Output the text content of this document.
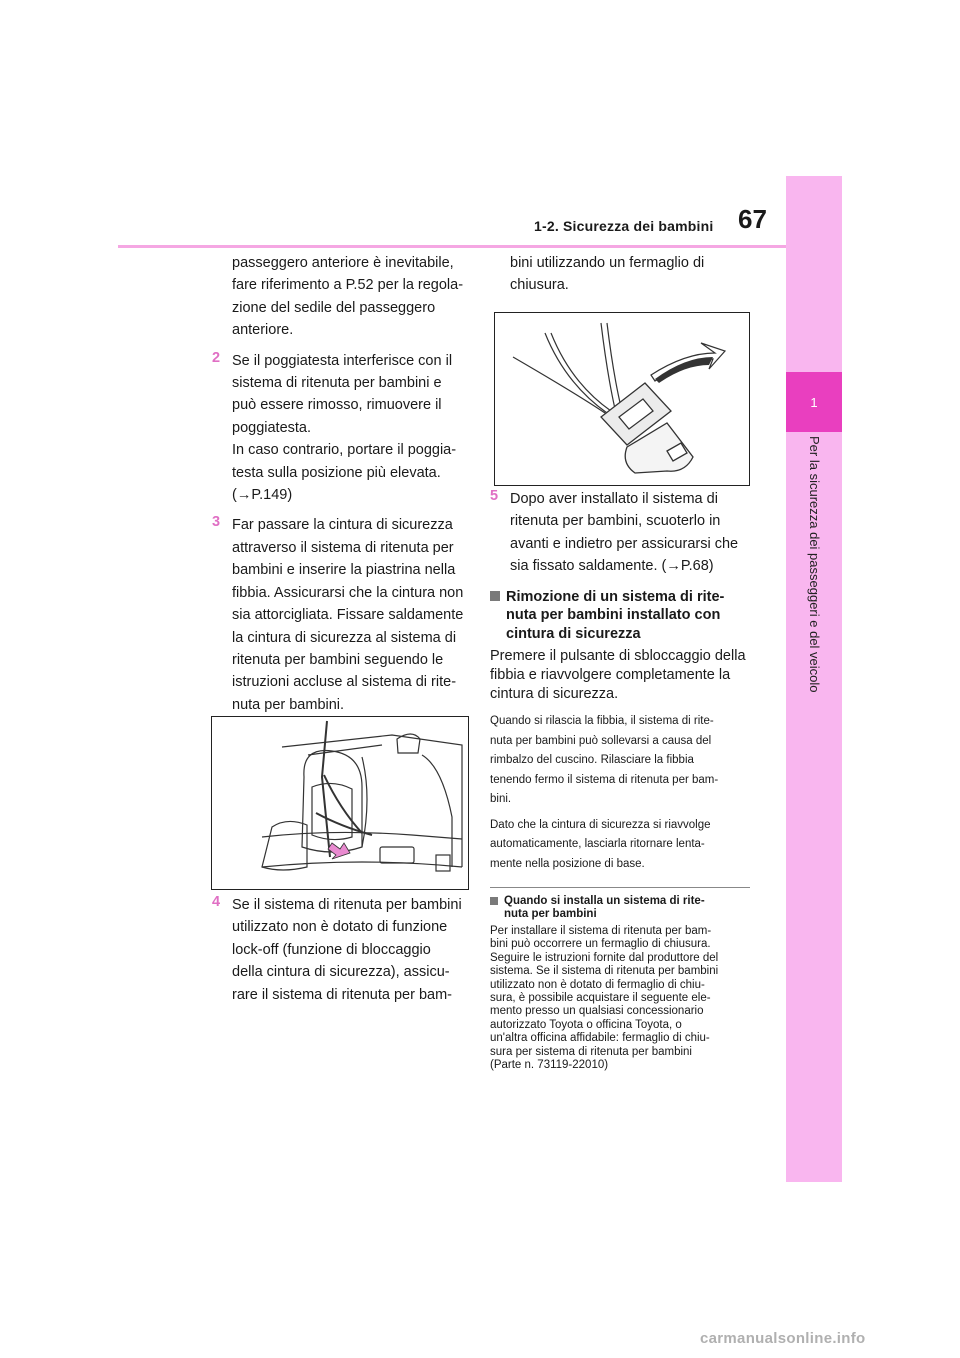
67
1-2. Sicurezza dei bambini
1
Per la sicurezza dei passeggeri e del veicolo

passeggero anteriore è inevitabile,

fare riferimento a P.52 per la regola-

zione del sedile del passeggero

anteriore.

2 Se il poggiatesta interferisce con il

sistema di ritenuta per bambini e

può essere rimosso, rimuovere il

poggiatesta.

In caso contrario, portare il poggia-

testa sulla posizione più elevata.

(→P.149)

3 Far passare la cintura di sicurezza

attraverso il sistema di ritenuta per

bambini e inserire la piastrina nella

fibbia. Assicurarsi che la cintura non

sia attorcigliata. Fissare saldamente

la cintura di sicurezza al sistema di

ritenuta per bambini seguendo le

istruzioni accluse al sistema di rite-

nuta per bambini.

4 Se il sistema di ritenuta per bambini

utilizzato non è dotato di funzione

lock-off (funzione di bloccaggio

della cintura di sicurezza), assicu-

rare il sistema di ritenuta per bam-

bini utilizzando un fermaglio di

chiusura.

5 Dopo aver installato il sistema di

ritenuta per bambini, scuoterlo in

avanti e indietro per assicurarsi che

sia fissato saldamente. (→P.68)

Rimozione di un sistema di rite-
nuta per bambini installato con
cintura di sicurezza

Premere il pulsante di sbloccaggio della

fibbia e riavvolgere completamente la

cintura di sicurezza.

Quando si rilascia la fibbia, il sistema di rite-

nuta per bambini può sollevarsi a causa del

rimbalzo del cuscino. Rilasciare la fibbia

tenendo fermo il sistema di ritenuta per bam-

bini.

Dato che la cintura di sicurezza si riavvolge

automaticamente, lasciarla ritornare lenta-

mente nella posizione di base.

Quando si installa un sistema di rite-
nuta per bambini

Per installare il sistema di ritenuta per bam-

bini può occorrere un fermaglio di chiusura.

Seguire le istruzioni fornite dal produttore del

sistema. Se il sistema di ritenuta per bambini

utilizzato non è dotato di fermaglio di chiu-

sura, è possibile acquistare il seguente ele-

mento presso un qualsiasi concessionario

autorizzato Toyota o officina Toyota, o

un'altra officina affidabile: fermaglio di chiu-

sura per sistema di ritenuta per bambini

(Parte n. 73119-22010)

carmanualsonline.info
